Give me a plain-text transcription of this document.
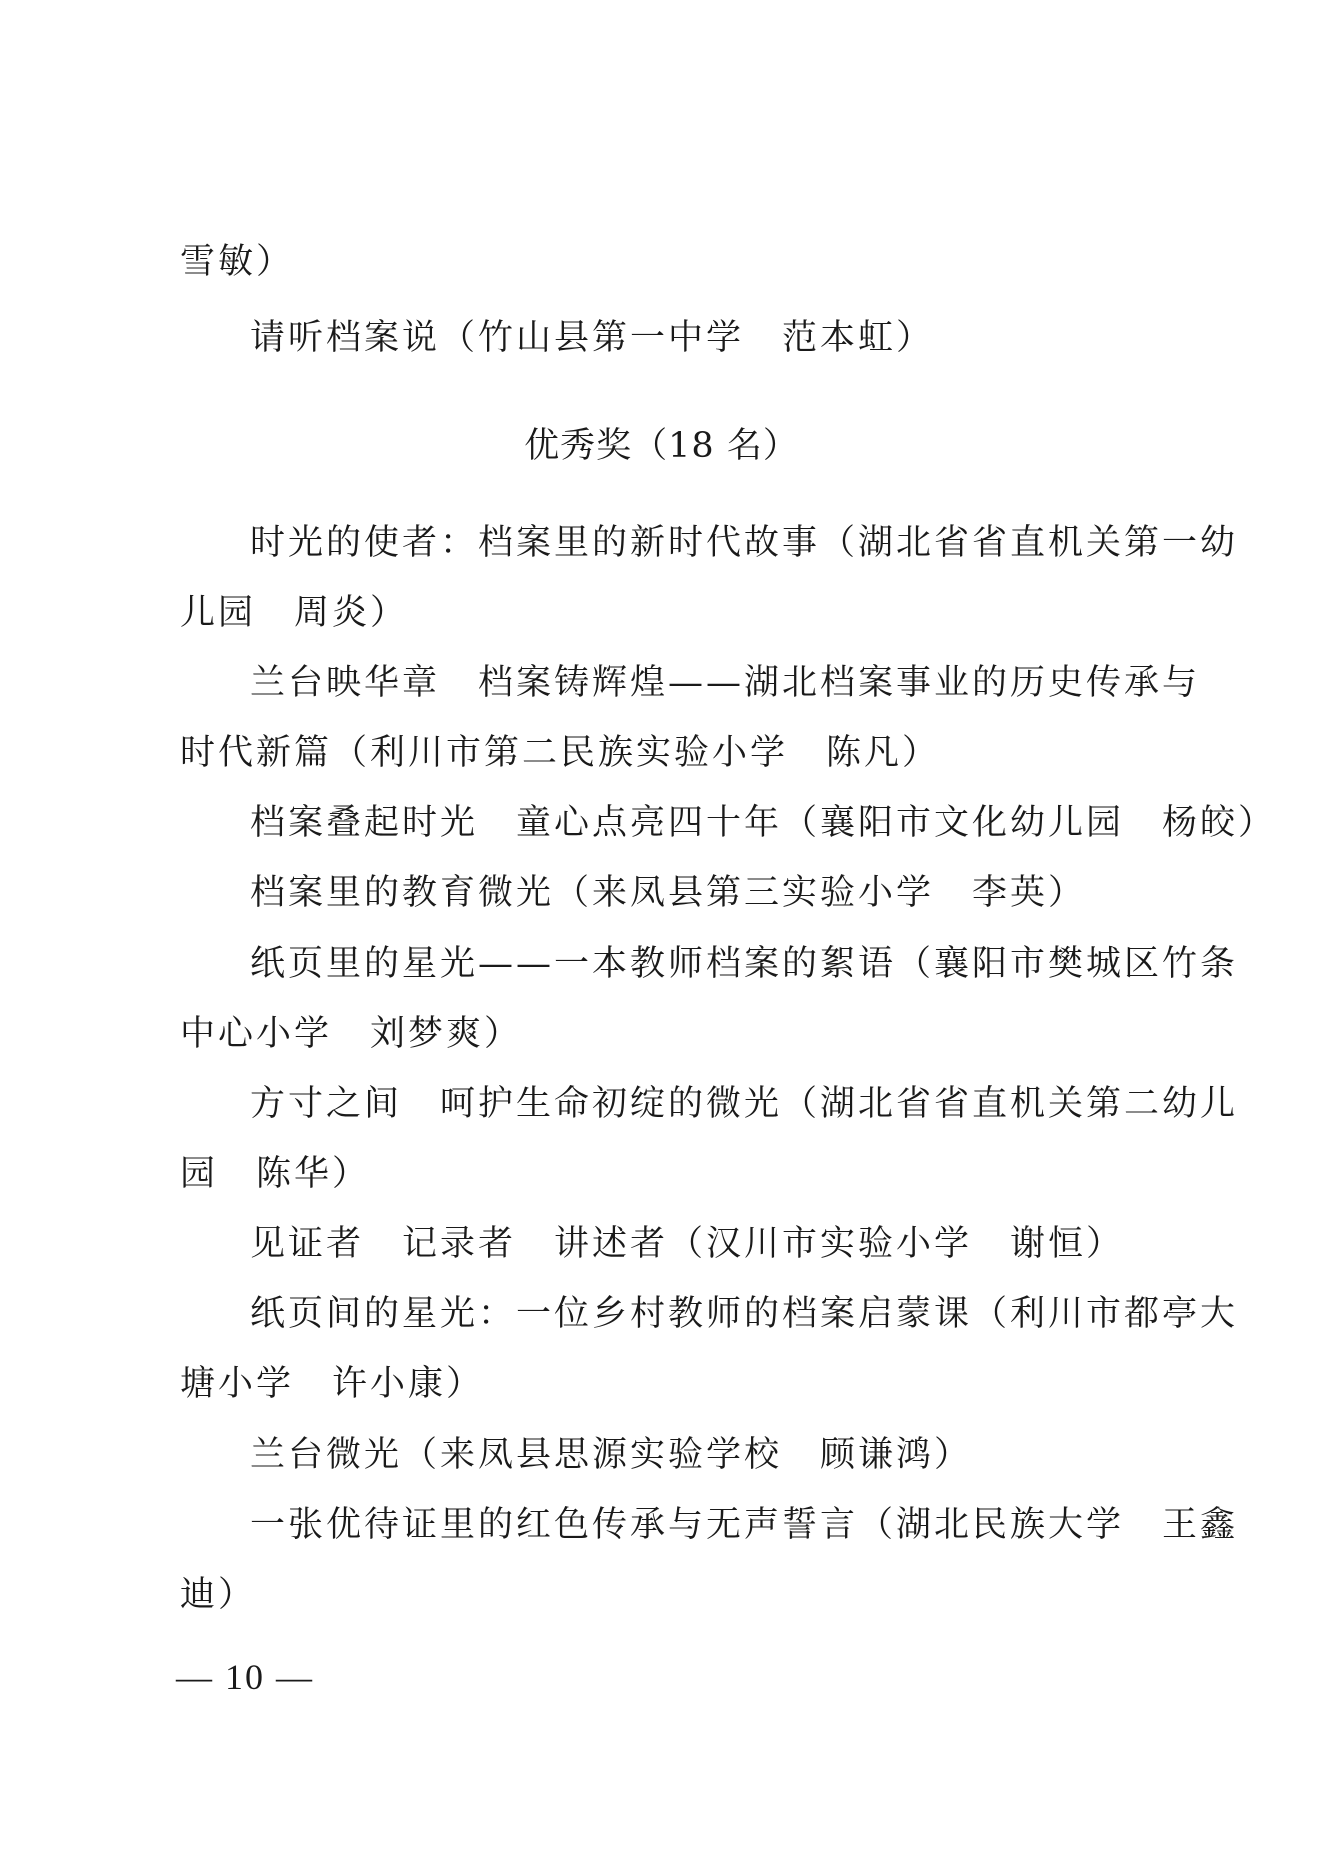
雪敏）
请听档案说（竹山县第一中学　范本虹）
优秀奖（18 名）
时光的使者：档案里的新时代故事（湖北省省直机关第一幼
儿园　周炎）
兰台映华章　档案铸辉煌——湖北档案事业的历史传承与
时代新篇（利川市第二民族实验小学　陈凡）
档案叠起时光　童心点亮四十年（襄阳市文化幼儿园　杨皎）
档案里的教育微光（来凤县第三实验小学　李英）
纸页里的星光——一本教师档案的絮语（襄阳市樊城区竹条
中心小学　刘梦爽）
方寸之间　呵护生命初绽的微光（湖北省省直机关第二幼儿
园　陈华）
见证者　记录者　讲述者（汉川市实验小学　谢恒）
纸页间的星光：一位乡村教师的档案启蒙课（利川市都亭大
塘小学　许小康）
兰台微光（来凤县思源实验学校　顾谦鸿）
一张优待证里的红色传承与无声誓言（湖北民族大学　王鑫
迪）
— 10 —
